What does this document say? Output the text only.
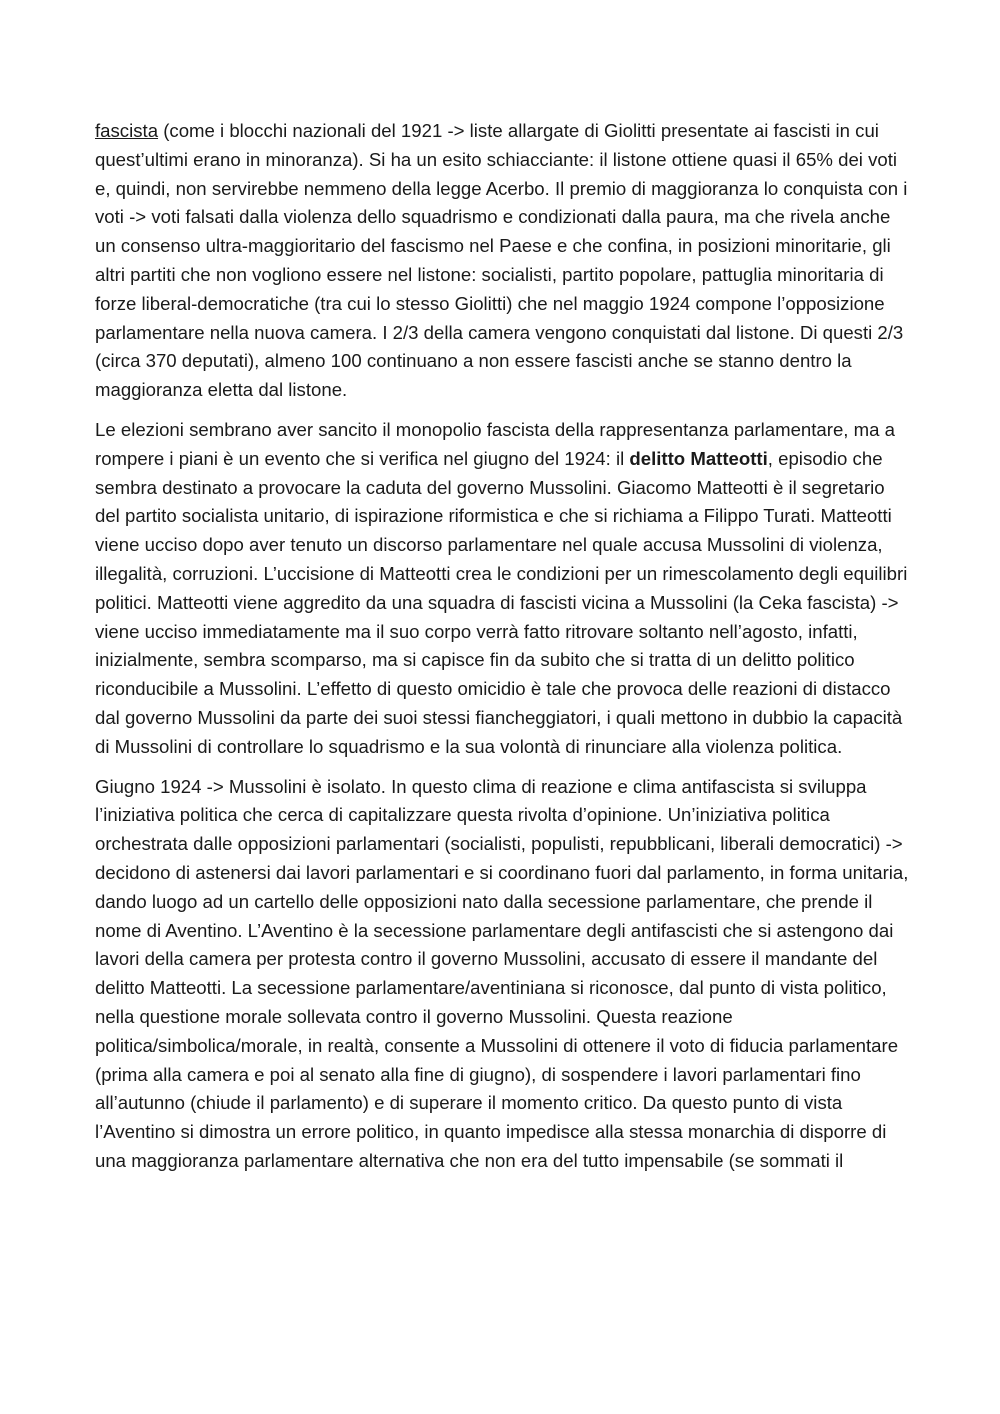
fascista (come i blocchi nazionali del 1921 -> liste allargate di Giolitti presentate ai fascisti in cui quest’ultimi erano in minoranza). Si ha un esito schiacciante: il listone ottiene quasi il 65% dei voti e, quindi, non servirebbe nemmeno della legge Acerbo. Il premio di maggioranza lo conquista con i voti -> voti falsati dalla violenza dello squadrismo e condizionati dalla paura, ma che rivela anche un consenso ultra-maggioritario del fascismo nel Paese e che confina, in posizioni minoritarie, gli altri partiti che non vogliono essere nel listone: socialisti, partito popolare, pattuglia minoritaria di forze liberal-democratiche (tra cui lo stesso Giolitti) che nel maggio 1924 compone l’opposizione parlamentare nella nuova camera. I 2/3 della camera vengono conquistati dal listone. Di questi 2/3 (circa 370 deputati), almeno 100 continuano a non essere fascisti anche se stanno dentro la maggioranza eletta dal listone.

Le elezioni sembrano aver sancito il monopolio fascista della rappresentanza parlamentare, ma a rompere i piani è un evento che si verifica nel giugno del 1924: il delitto Matteotti, episodio che sembra destinato a provocare la caduta del governo Mussolini. Giacomo Matteotti è il segretario del partito socialista unitario, di ispirazione riformistica e che si richiama a Filippo Turati. Matteotti viene ucciso dopo aver tenuto un discorso parlamentare nel quale accusa Mussolini di violenza, illegalità, corruzioni. L’uccisione di Matteotti crea le condizioni per un rimescolamento degli equilibri politici. Matteotti viene aggredito da una squadra di fascisti vicina a Mussolini (la Ceka fascista) -> viene ucciso immediatamente ma il suo corpo verrà fatto ritrovare soltanto nell’agosto, infatti, inizialmente, sembra scomparso, ma si capisce fin da subito che si tratta di un delitto politico riconducibile a Mussolini. L’effetto di questo omicidio è tale che provoca delle reazioni di distacco dal governo Mussolini da parte dei suoi stessi fiancheggiatori, i quali mettono in dubbio la capacità di Mussolini di controllare lo squadrismo e la sua volontà di rinunciare alla violenza politica.

Giugno 1924 -> Mussolini è isolato. In questo clima di reazione e clima antifascista si sviluppa l’iniziativa politica che cerca di capitalizzare questa rivolta d’opinione. Un’iniziativa politica orchestrata dalle opposizioni parlamentari (socialisti, populisti, repubblicani, liberali democratici) -> decidono di astenersi dai lavori parlamentari e si coordinano fuori dal parlamento, in forma unitaria, dando luogo ad un cartello delle opposizioni nato dalla secessione parlamentare, che prende il nome di Aventino. L’Aventino è la secessione parlamentare degli antifascisti che si astengono dai lavori della camera per protesta contro il governo Mussolini, accusato di essere il mandante del delitto Matteotti. La secessione parlamentare/aventiniana si riconosce, dal punto di vista politico, nella questione morale sollevata contro il governo Mussolini. Questa reazione politica/simbolica/morale, in realtà, consente a Mussolini di ottenere il voto di fiducia parlamentare (prima alla camera e poi al senato alla fine di giugno), di sospendere i lavori parlamentari fino all’autunno (chiude il parlamento) e di superare il momento critico. Da questo punto di vista l’Aventino si dimostra un errore politico, in quanto impedisce alla stessa monarchia di disporre di una maggioranza parlamentare alternativa che non era del tutto impensabile (se sommati il
